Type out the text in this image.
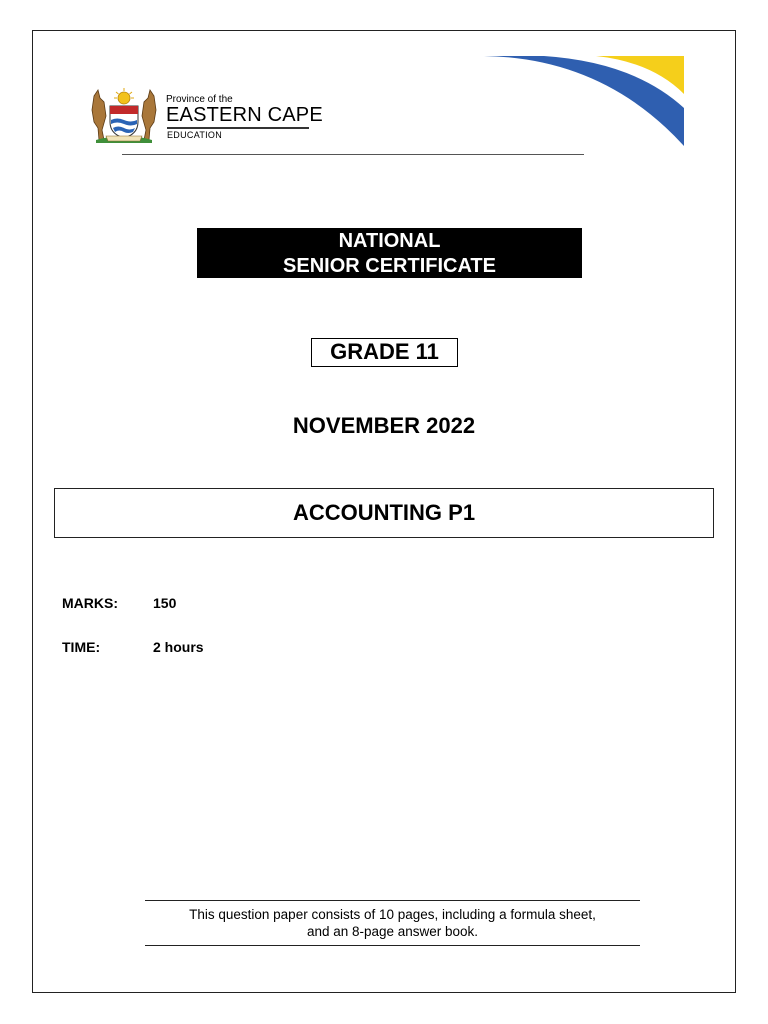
Province of the
EASTERN CAPE
EDUCATION
NATIONAL
SENIOR CERTIFICATE
GRADE 11
NOVEMBER 2022
ACCOUNTING P1
MARKS:	150
TIME:	2 hours
This question paper consists of 10 pages, including a formula sheet,
and an 8-page answer book.
